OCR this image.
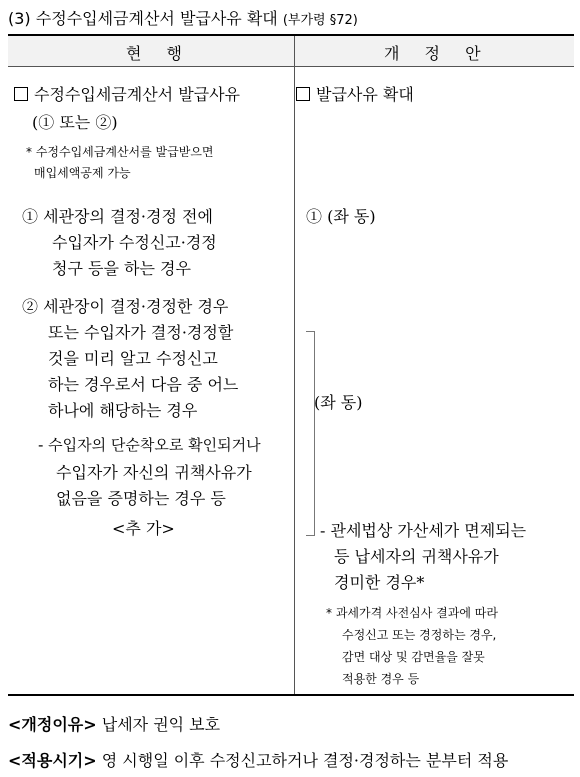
(3) 수정수입세금계산서 발급사유 확대 (부가령 §72)
현 행	개 정 안
수정수입세금계산서 발급사유
(① 또는 ②)
* 수정수입세금계산서를 발급받으면
매입세액공제 가능
① 세관장의 결정·경정 전에
수입자가 수정신고·경정
청구 등을 하는 경우
② 세관장이 결정·경정한 경우
또는 수입자가 결정·경정할
것을 미리 알고 수정신고
하는 경우로서 다음 중 어느
하나에 해당하는 경우
- 수입자의 단순착오로 확인되거나
수입자가 자신의 귀책사유가
없음을 증명하는 경우 등
<추 가>
발급사유 확대
① (좌 동)
(좌 동)
- 관세법상 가산세가 면제되는
등 납세자의 귀책사유가
경미한 경우*
* 과세가격 사전심사 결과에 따라
수정신고 또는 경정하는 경우,
감면 대상 및 감면율을 잘못
적용한 경우 등
<개정이유> 납세자 권익 보호
<적용시기> 영 시행일 이후 수정신고하거나 결정·경정하는 분부터 적용
